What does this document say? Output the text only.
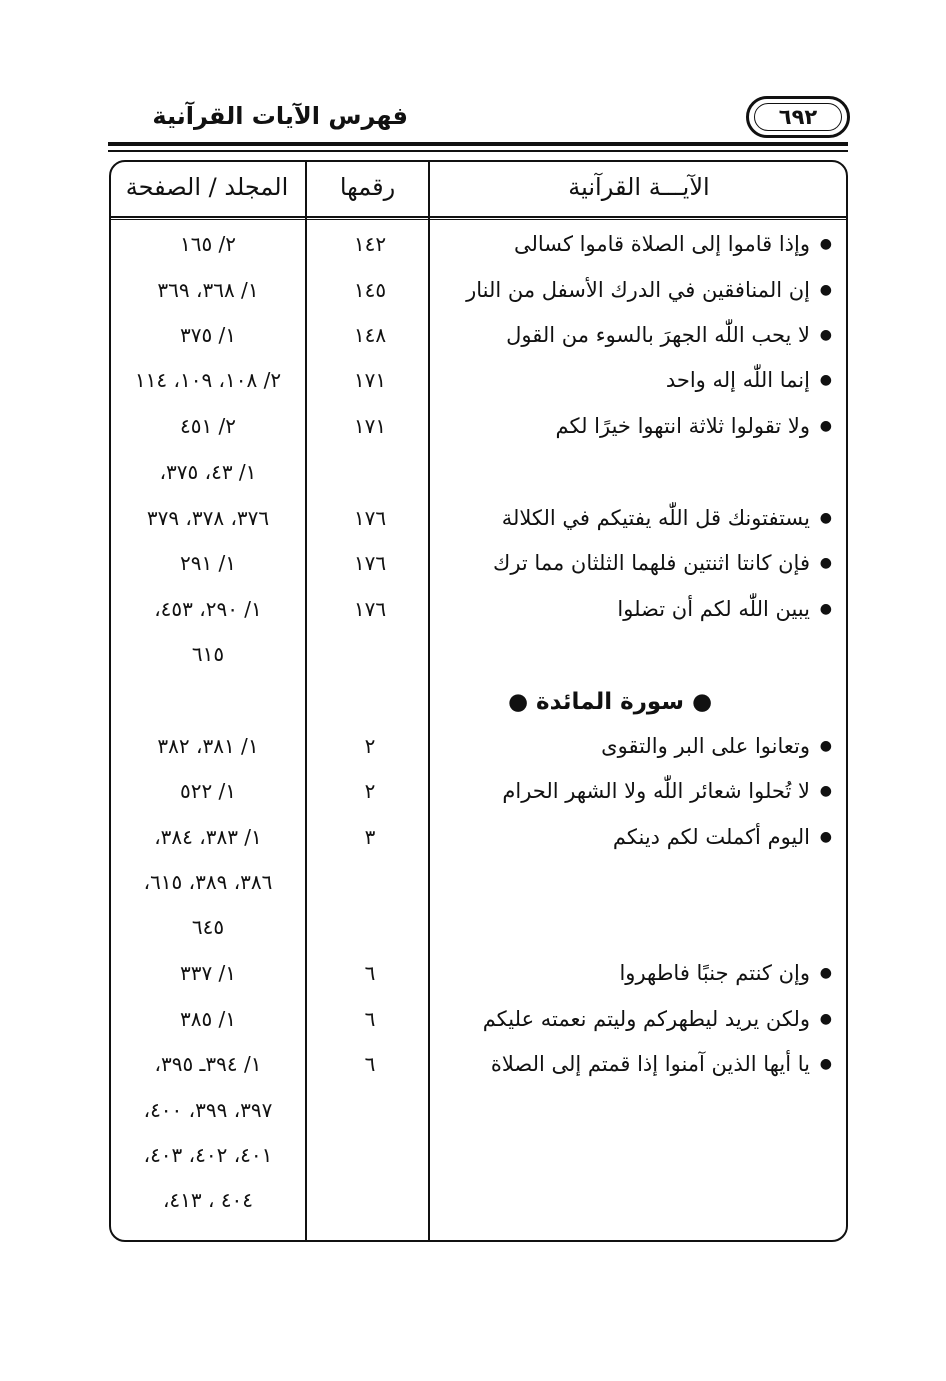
٦٩٢
فهرس الآيات القرآنية
الآيـــة القرآنية
رقمها
المجلد / الصفحة
وإذا قاموا إلى الصلاة قاموا كسالى ●
إن المنافقين في الدرك الأسفل من النار ●
لا يحب اللّٰه الجهرَ بالسوء من القول ●
إنما اللّٰه إله واحد ●
ولا تقولوا ثلاثة انتهوا خيرًا لكم ●
يستفتونك قل اللّٰه يفتيكم في الكلالة ●
فإن كانتا اثنتين فلهما الثلثان مما ترك ●
يبين اللّٰه لكم أن تضلوا ●
● سورة المائدة ●
وتعانوا على البر والتقوى ●
لا تُحلوا شعائر اللّٰه ولا الشهر الحرام ●
اليوم أكملت لكم دينكم ●
وإن كنتم جنبًا فاطهروا ●
ولكن يريد ليطهركم وليتم نعمته عليكم ●
يا أيها الذين آمنوا إذا قمتم إلى الصلاة ●
١٤٢
١٤٥
١٤٨
١٧١
١٧١
١٧٦
١٧٦
١٧٦
٢
٢
٣
٦
٦
٦
٢/ ١٦٥
١/ ٣٦٨، ٣٦٩
١/ ٣٧٥
٢/ ١٠٨، ١٠٩، ١١٤
٢/ ٤٥١
١/ ٤٣، ٣٧٥،
٣٧٦، ٣٧٨، ٣٧٩
١/ ٢٩١
١/ ٢٩٠، ٤٥٣،
٦١٥
١/ ٣٨١، ٣٨٢
١/ ٥٢٢
١/ ٣٨٣، ٣٨٤،
٣٨٦، ٣٨٩، ٦١٥،
٦٤٥
١/ ٣٣٧
١/ ٣٨٥
١/ ٣٩٤ـ ٣٩٥،
٣٩٧، ٣٩٩، ٤٠٠،
٤٠١، ٤٠٢، ٤٠٣،
٤٠٤ ، ٤١٣،
